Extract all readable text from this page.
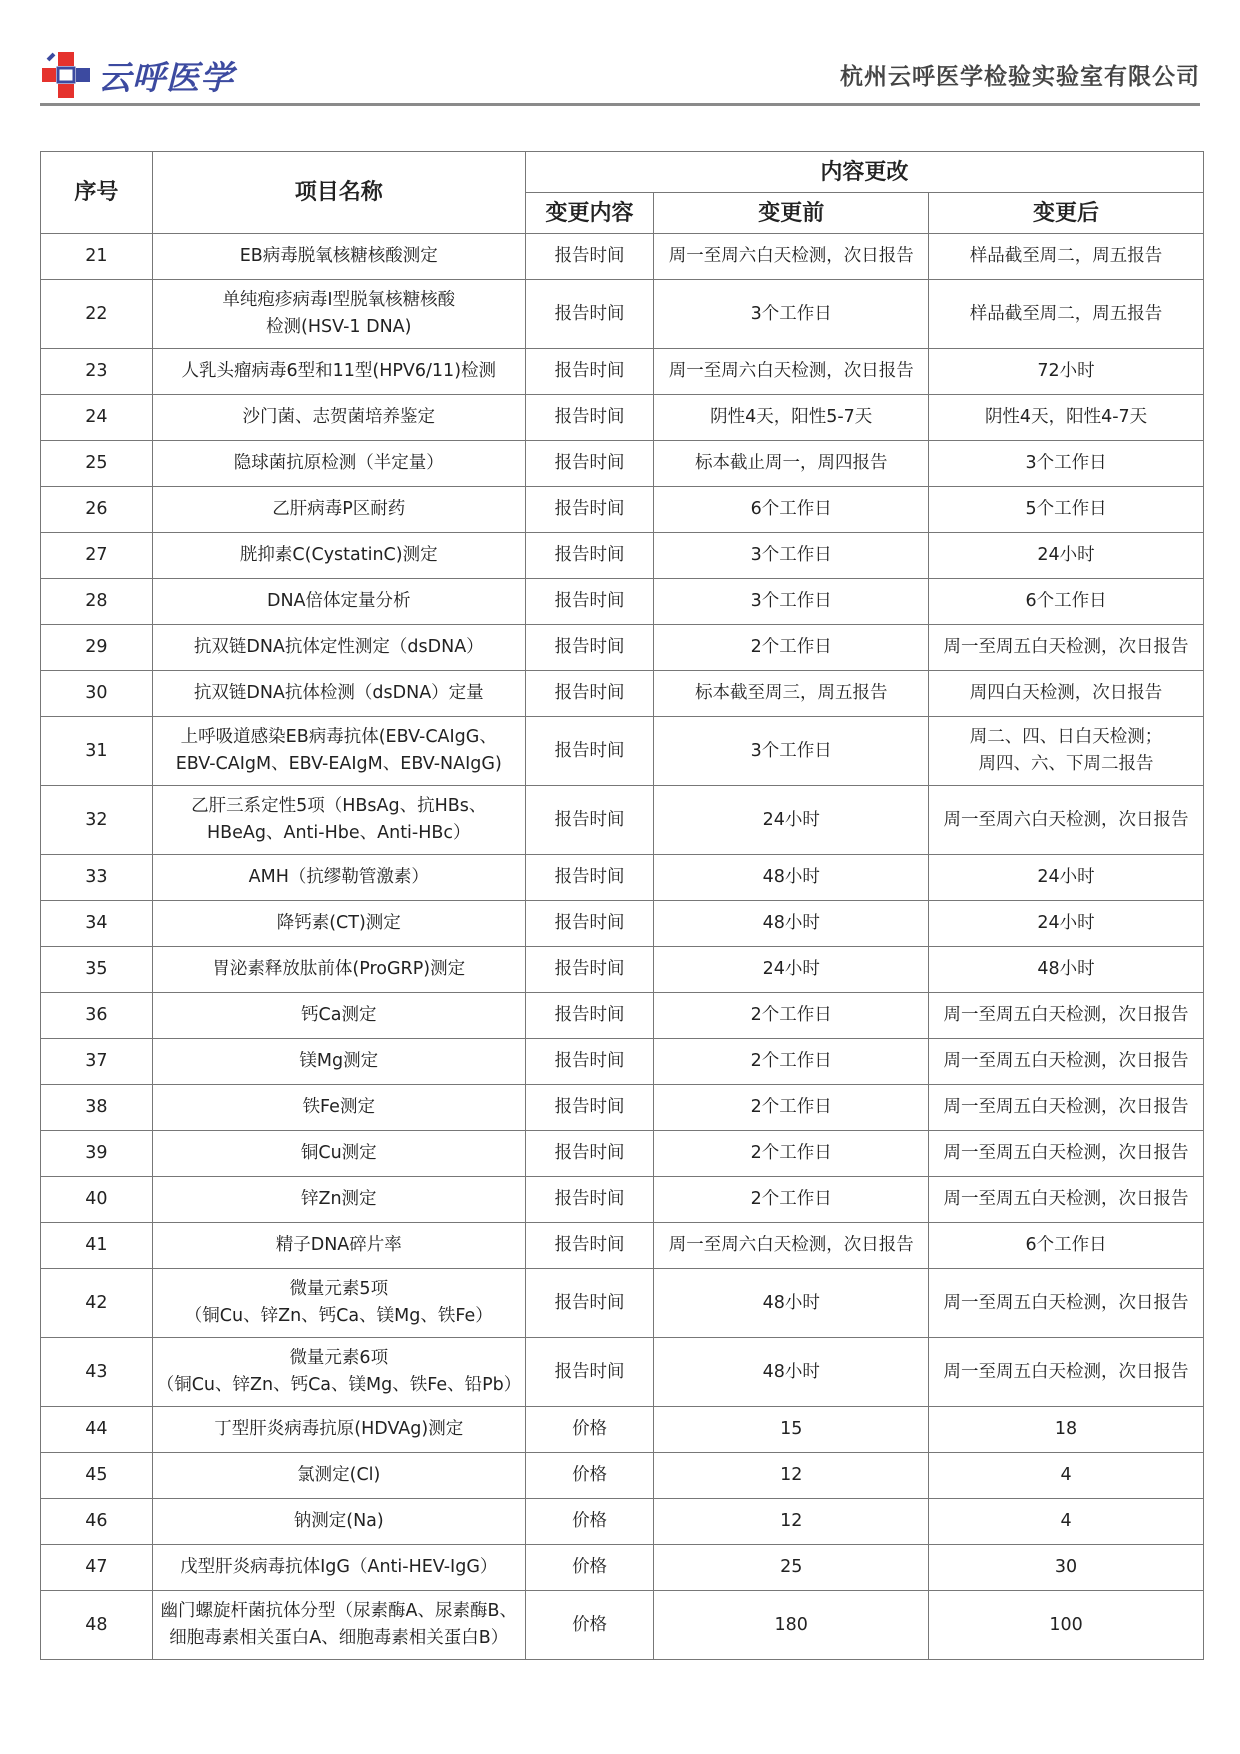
云呼医学	杭州云呼医学检验实验室有限公司
序号	项目名称	内容更改		
		变更内容	变更前	变更后
21	EB病毒脱氧核糖核酸测定	报告时间	周一至周六白天检测，次日报告	样品截至周二，周五报告

22	单纯疱疹病毒Ⅰ型脱氧核糖核酸
检测(HSV-1 DNA)	报告时间	3个工作日	样品截至周二，周五报告

23	人乳头瘤病毒6型和11型(HPV6/11)检测	报告时间	周一至周六白天检测，次日报告	72小时

24	沙门菌、志贺菌培养鉴定	报告时间	阴性4天，阳性5-7天	阴性4天，阳性4-7天

25	隐球菌抗原检测（半定量）	报告时间	标本截止周一，周四报告	3个工作日

26	乙肝病毒P区耐药	报告时间	6个工作日	5个工作日

27	胱抑素C(CystatinC)测定	报告时间	3个工作日	24小时

28	DNA倍体定量分析	报告时间	3个工作日	6个工作日

29	抗双链DNA抗体定性测定（dsDNA）	报告时间	2个工作日	周一至周五白天检测，次日报告

30	抗双链DNA抗体检测（dsDNA）定量	报告时间	标本截至周三，周五报告	周四白天检测，次日报告

31	上呼吸道感染EB病毒抗体(EBV-CAIgG、
EBV-CAIgM、EBV-EAIgM、EBV-NAIgG)	报告时间	3个工作日	周二、四、日白天检测；
周四、六、下周二报告

32	乙肝三系定性5项（HBsAg、抗HBs、
HBeAg、Anti-Hbe、Anti-HBc）	报告时间	24小时	周一至周六白天检测，次日报告

33	AMH（抗缪勒管激素）	报告时间	48小时	24小时

34	降钙素(CT)测定	报告时间	48小时	24小时

35	胃泌素释放肽前体(ProGRP)测定	报告时间	24小时	48小时

36	钙Ca测定	报告时间	2个工作日	周一至周五白天检测，次日报告

37	镁Mg测定	报告时间	2个工作日	周一至周五白天检测，次日报告

38	铁Fe测定	报告时间	2个工作日	周一至周五白天检测，次日报告

39	铜Cu测定	报告时间	2个工作日	周一至周五白天检测，次日报告

40	锌Zn测定	报告时间	2个工作日	周一至周五白天检测，次日报告

41	精子DNA碎片率	报告时间	周一至周六白天检测，次日报告	6个工作日

42	微量元素5项
（铜Cu、锌Zn、钙Ca、镁Mg、铁Fe）	报告时间	48小时	周一至周五白天检测，次日报告

43	微量元素6项
（铜Cu、锌Zn、钙Ca、镁Mg、铁Fe、铅Pb）	报告时间	48小时	周一至周五白天检测，次日报告

44	丁型肝炎病毒抗原(HDVAg)测定	价格	15	18

45	氯测定(Cl)	价格	12	4

46	钠测定(Na)	价格	12	4

47	戊型肝炎病毒抗体IgG（Anti-HEV-IgG）	价格	25	30

48	幽门螺旋杆菌抗体分型（尿素酶A、尿素酶B、
细胞毒素相关蛋白A、细胞毒素相关蛋白B）	价格	180	100
